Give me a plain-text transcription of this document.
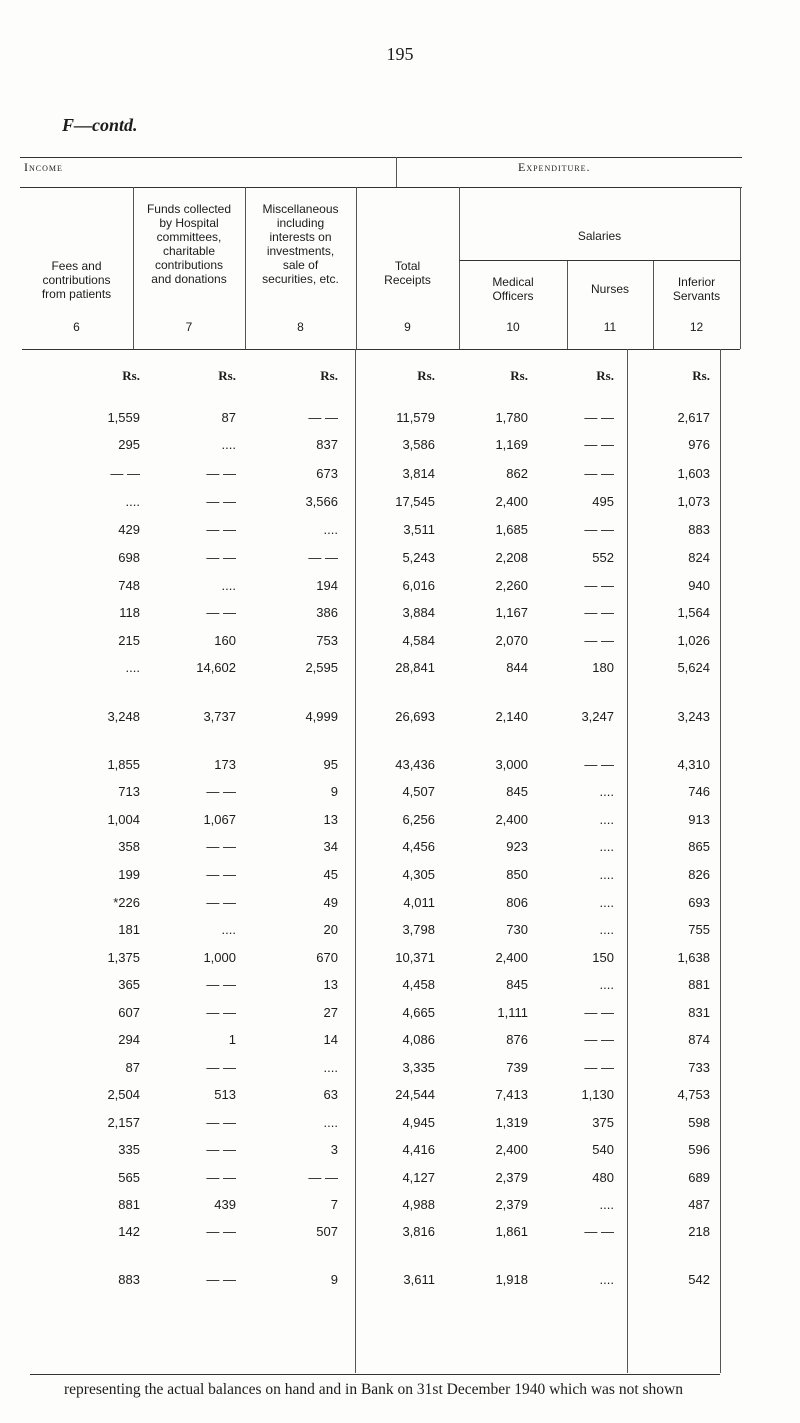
195
F—contd.
Income	Expenditure.
Salaries
Fees and
contributions
from patients
6
Funds collected
by Hospital
committees,
charitable
contributions
and donations
7
Miscellaneous
including
interests on
investments,
sale of
securities, etc.
8
Total
Receipts
9
Medical
Officers
10
Nurses
11
Inferior
Servants
12
Rs.	Rs.	Rs.	Rs.	Rs.	Rs.	Rs.
1,559	87	— —	11,579	1,780	— —	2,617
295	....	837	3,586	1,169	— —	976
— —	— —	673	3,814	862	— —	1,603
....	— —	3,566	17,545	2,400	495	1,073
429	— —	....	3,511	1,685	— —	883
698	— —	— —	5,243	2,208	552	824
748	....	194	6,016	2,260	— —	940
118	— —	386	3,884	1,167	— —	1,564
215	160	753	4,584	2,070	— —	1,026
....	14,602	2,595	28,841	844	180	5,624
3,248	3,737	4,999	26,693	2,140	3,247	3,243
1,855	173	95	43,436	3,000	— —	4,310
713	— —	9	4,507	845	....	746
1,004	1,067	13	6,256	2,400	....	913
358	— —	34	4,456	923	....	865
199	— —	45	4,305	850	....	826
*226	— —	49	4,011	806	....	693
181	....	20	3,798	730	....	755
1,375	1,000	670	10,371	2,400	150	1,638
365	— —	13	4,458	845	....	881
607	— —	27	4,665	1,111	— —	831
294	1	14	4,086	876	— —	874
87	— —	....	3,335	739	— —	733
2,504	513	63	24,544	7,413	1,130	4,753
2,157	— —	....	4,945	1,319	375	598
335	— —	3	4,416	2,400	540	596
565	— —	— —	4,127	2,379	480	689
881	439	7	4,988	2,379	....	487
142	— —	507	3,816	1,861	— —	218
883	— —	9	3,611	1,918	....	542
representing the actual balances on hand and in Bank on 31st December 1940 which was not shown
